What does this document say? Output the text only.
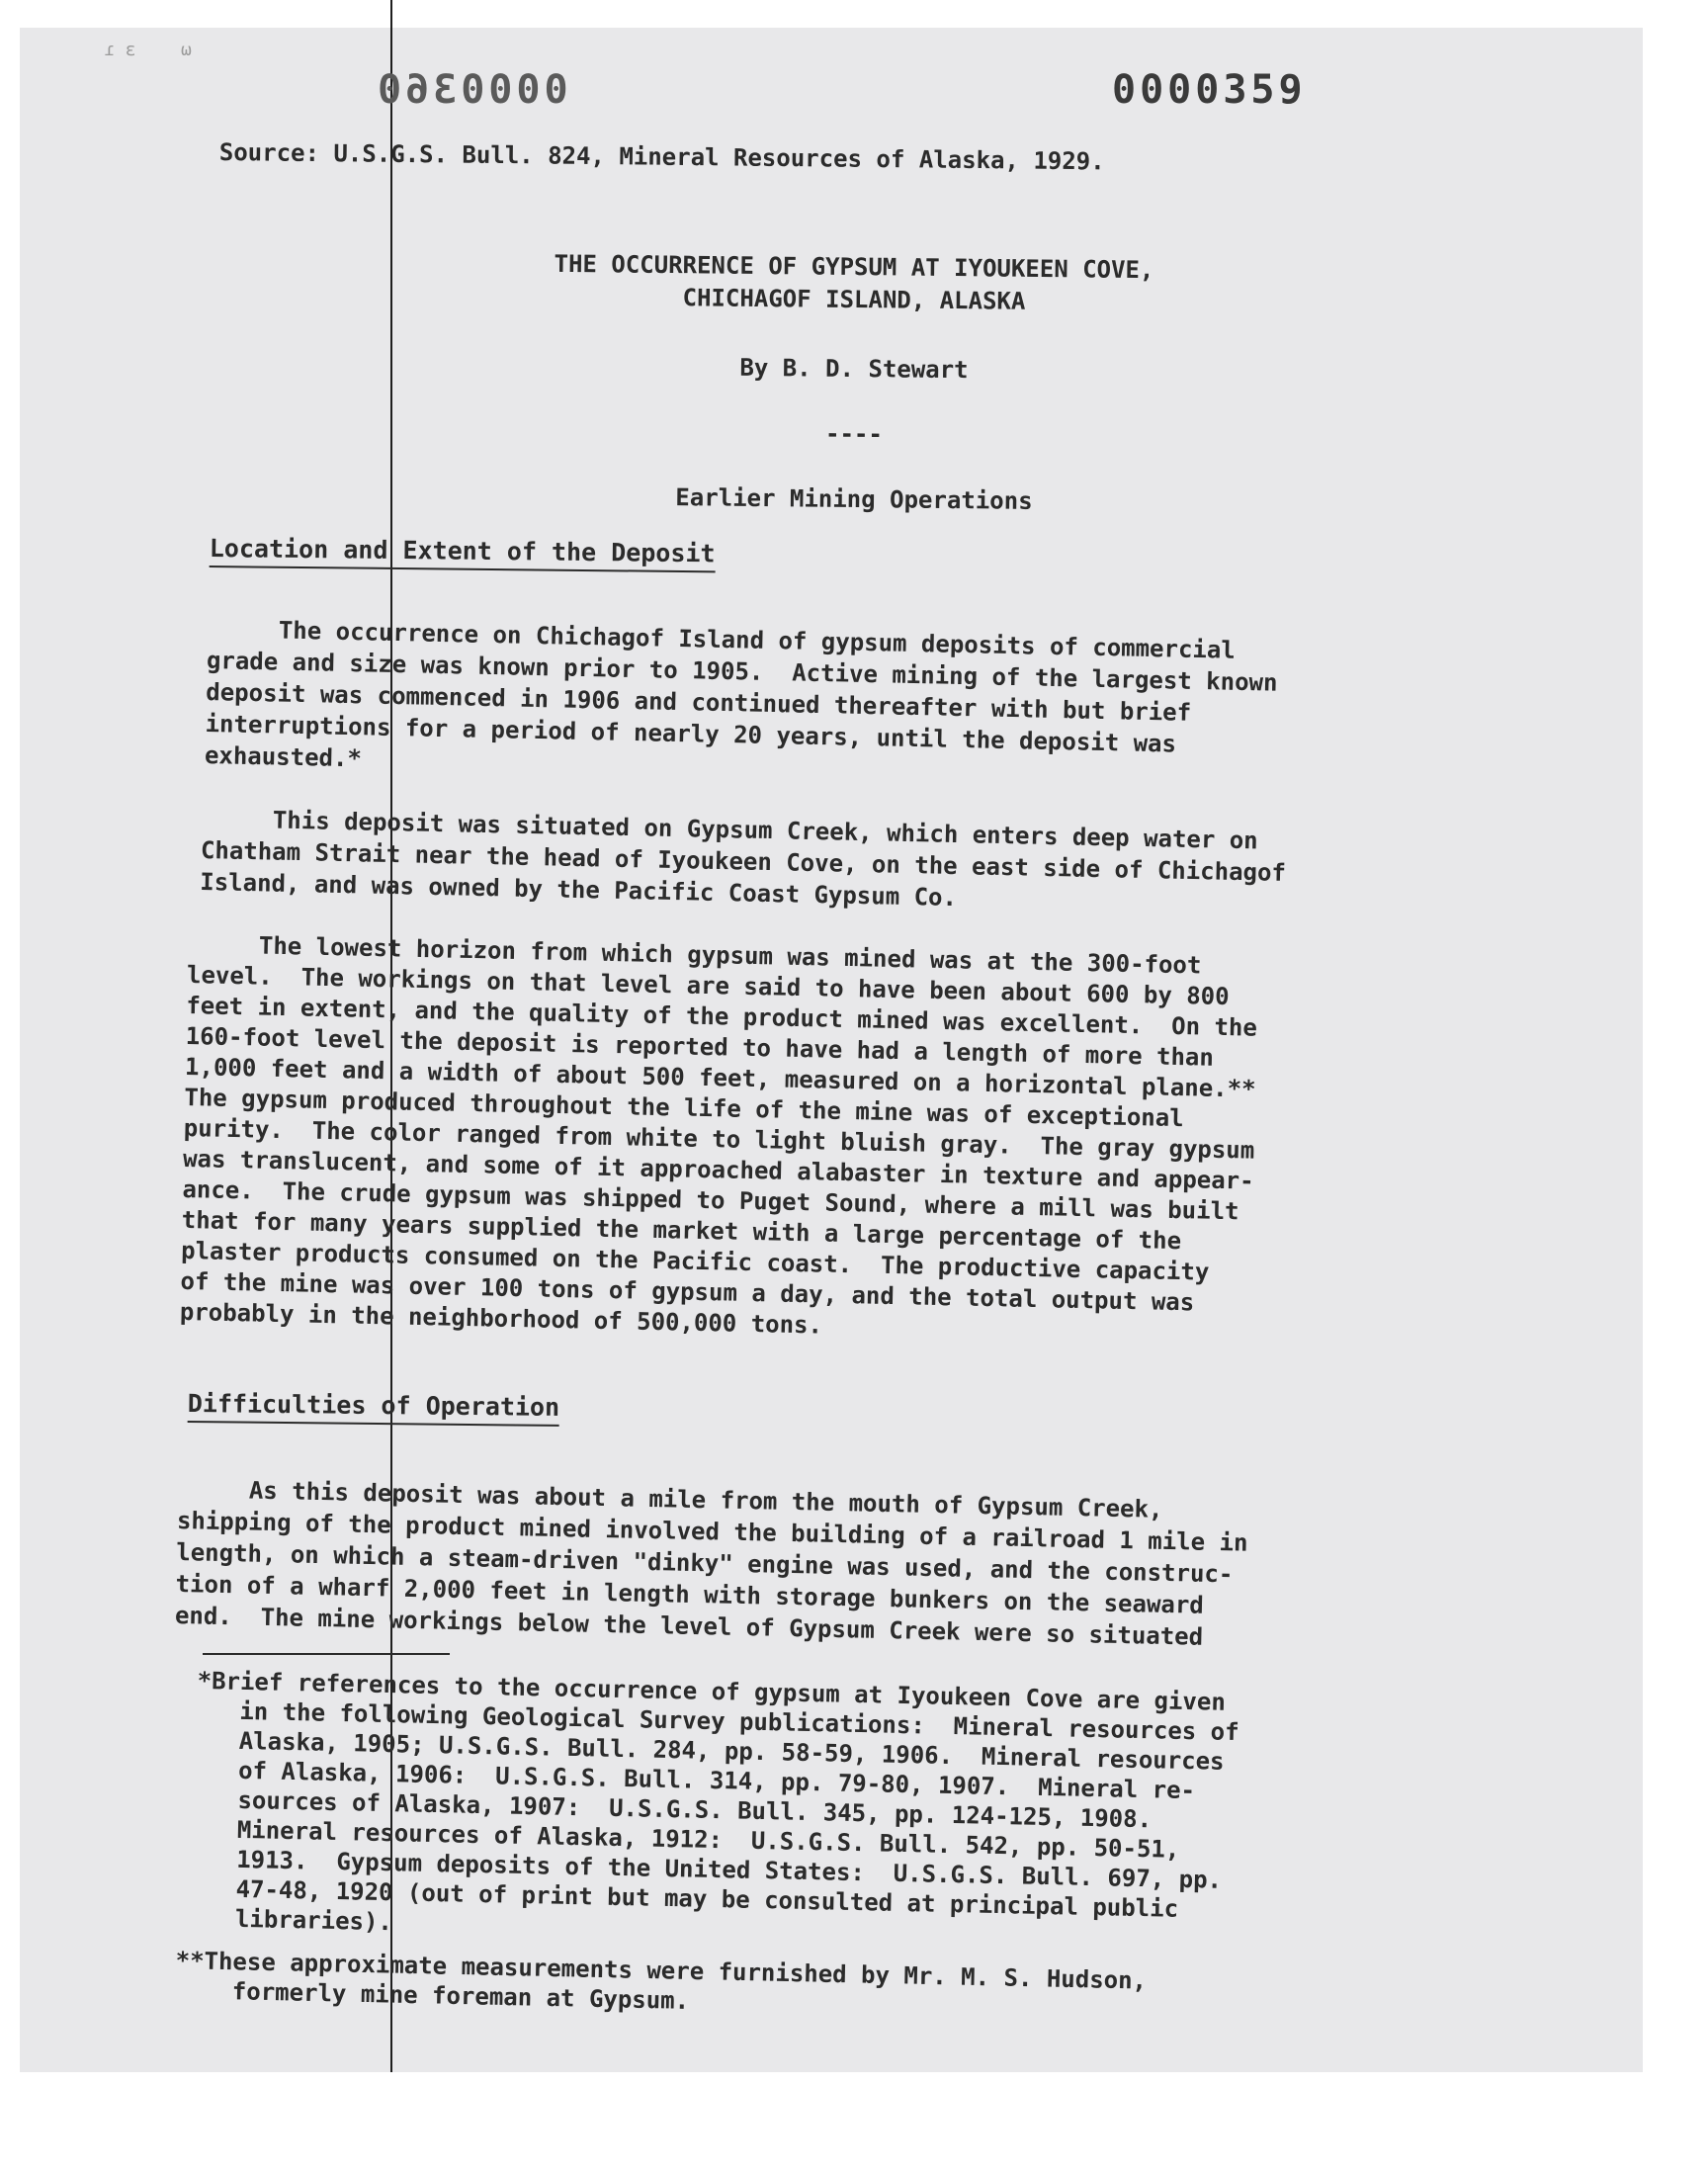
ɾ ɛ	ω
0000360	0000359
Source: U.S.G.S. Bull. 824, Mineral Resources of Alaska, 1929.
THE OCCURRENCE OF GYPSUM AT IYOUKEEN COVE,
CHICHAGOF ISLAND, ALASKA
By B. D. Stewart
----
Earlier Mining Operations
Location and Extent of the Deposit
The occurrence on Chichagof Island of gypsum deposits of commercial
grade and size was known prior to 1905.  Active mining of the largest known
deposit was commenced in 1906 and continued thereafter with but brief
interruptions for a period of nearly 20 years, until the deposit was
exhausted.*
This deposit was situated on Gypsum Creek, which enters deep water on
Chatham Strait near the head of Iyoukeen Cove, on the east side of Chichagof
Island, and was owned by the Pacific Coast Gypsum Co.
The lowest horizon from which gypsum was mined was at the 300-foot
level.  The workings on that level are said to have been about 600 by 800
feet in extent, and the quality of the product mined was excellent.  On the
160-foot level the deposit is reported to have had a length of more than
1,000 feet and a width of about 500 feet, measured on a horizontal plane.**
The gypsum produced throughout the life of the mine was of exceptional
purity.  The color ranged from white to light bluish gray.  The gray gypsum
was translucent, and some of it approached alabaster in texture and appear-
ance.  The crude gypsum was shipped to Puget Sound, where a mill was built
that for many years supplied the market with a large percentage of the
plaster products consumed on the Pacific coast.  The productive capacity
of the mine was over 100 tons of gypsum a day, and the total output was
probably in the neighborhood of 500,000 tons.
Difficulties of Operation
As this deposit was about a mile from the mouth of Gypsum Creek,
shipping of the product mined involved the building of a railroad 1 mile in
length, on which a steam-driven "dinky" engine was used, and the construc-
tion of a wharf 2,000 feet in length with storage bunkers on the seaward
end.  The mine workings below the level of Gypsum Creek were so situated
*Brief references to the occurrence of gypsum at Iyoukeen Cove are given
in the following Geological Survey publications:  Mineral resources of
Alaska, 1905; U.S.G.S. Bull. 284, pp. 58-59, 1906.  Mineral resources
of Alaska, 1906:  U.S.G.S. Bull. 314, pp. 79-80, 1907.  Mineral re-
sources of Alaska, 1907:  U.S.G.S. Bull. 345, pp. 124-125, 1908.
Mineral resources of Alaska, 1912:  U.S.G.S. Bull. 542, pp. 50-51,
1913.  Gypsum deposits of the United States:  U.S.G.S. Bull. 697, pp.
47-48, 1920 (out of print but may be consulted at principal public
libraries).
**These approximate measurements were furnished by Mr. M. S. Hudson,
formerly mine foreman at Gypsum.
